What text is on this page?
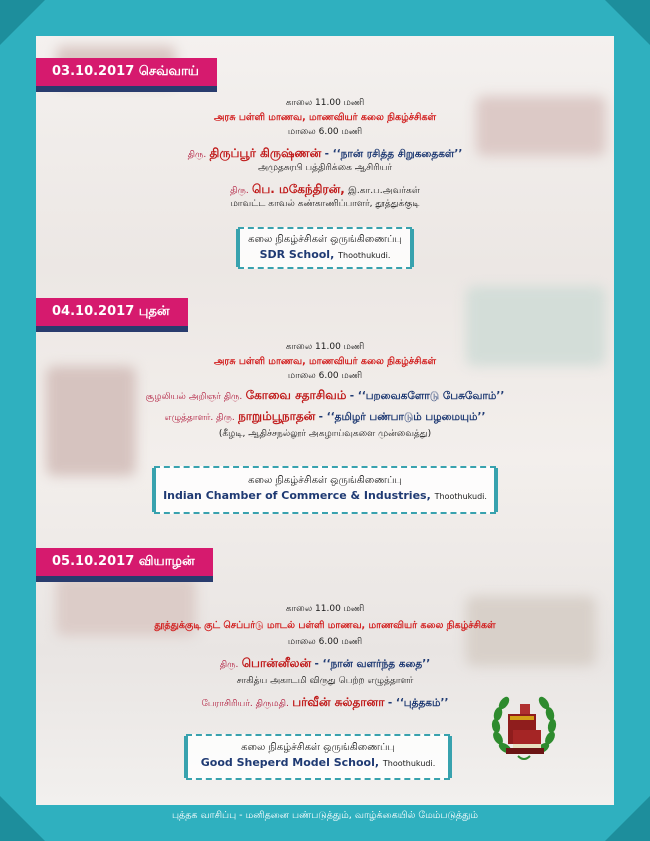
03.10.2017 செவ்வாய்
காலை 11.00 மணி
அரசு பள்ளி மாணவ, மாணவியர் கலை நிகழ்ச்சிகள்
மாலை 6.00 மணி
திரு. திருப்பூர் கிருஷ்ணன் - ‘‘நான் ரசித்த சிறுகதைகள்’’
அமுதசுரபி பத்திரிக்கை ஆசிரியர்
திரு. பெ. மகேந்திரன், இ.கா.ப.அவர்கள்
மாவட்ட காவல் கண்காணிப்பாளர், தூத்துக்குடி
கலை நிகழ்ச்சிகள் ஒருங்கிணைப்பு
SDR School, Thoothukudi.
04.10.2017 புதன்
காலை 11.00 மணி
அரசு பள்ளி மாணவ, மாணவியர் கலை நிகழ்ச்சிகள்
மாலை 6.00 மணி
சூழலியல் அறிஞர் திரு. கோவை சதாசிவம் - ‘‘பறவைகளோடு பேசுவோம்’’
எழுத்தாளர். திரு. நாறும்பூநாதன் - ‘‘தமிழர் பண்பாடும் பழமையும்’’
(கீழடி, ஆதிச்சநல்லூர் அகழாய்வுகளை முன்வைத்து)
கலை நிகழ்ச்சிகள் ஒருங்கிணைப்பு
Indian Chamber of Commerce & Industries, Thoothukudi.
05.10.2017 வியாழன்
காலை 11.00 மணி
தூத்துக்குடி குட் செப்பர்டு மாடல் பள்ளி மாணவ, மாணவியர் கலை நிகழ்ச்சிகள்
மாலை 6.00 மணி
திரு. பொன்னீலன் - ‘‘நான் வளர்ந்த கதை’’
சாகித்ய அகாடமி விருது பெற்ற எழுத்தாளர்
பேராசிரியர். திருமதி. பர்வீன் சுல்தானா - ‘‘புத்தகம்’’
கலை நிகழ்ச்சிகள் ஒருங்கிணைப்பு
Good Sheperd Model School, Thoothukudi.
புத்தக வாசிப்பு - மனிதனை பண்படுத்தும், வாழ்க்கையில் மேம்படுத்தும்
